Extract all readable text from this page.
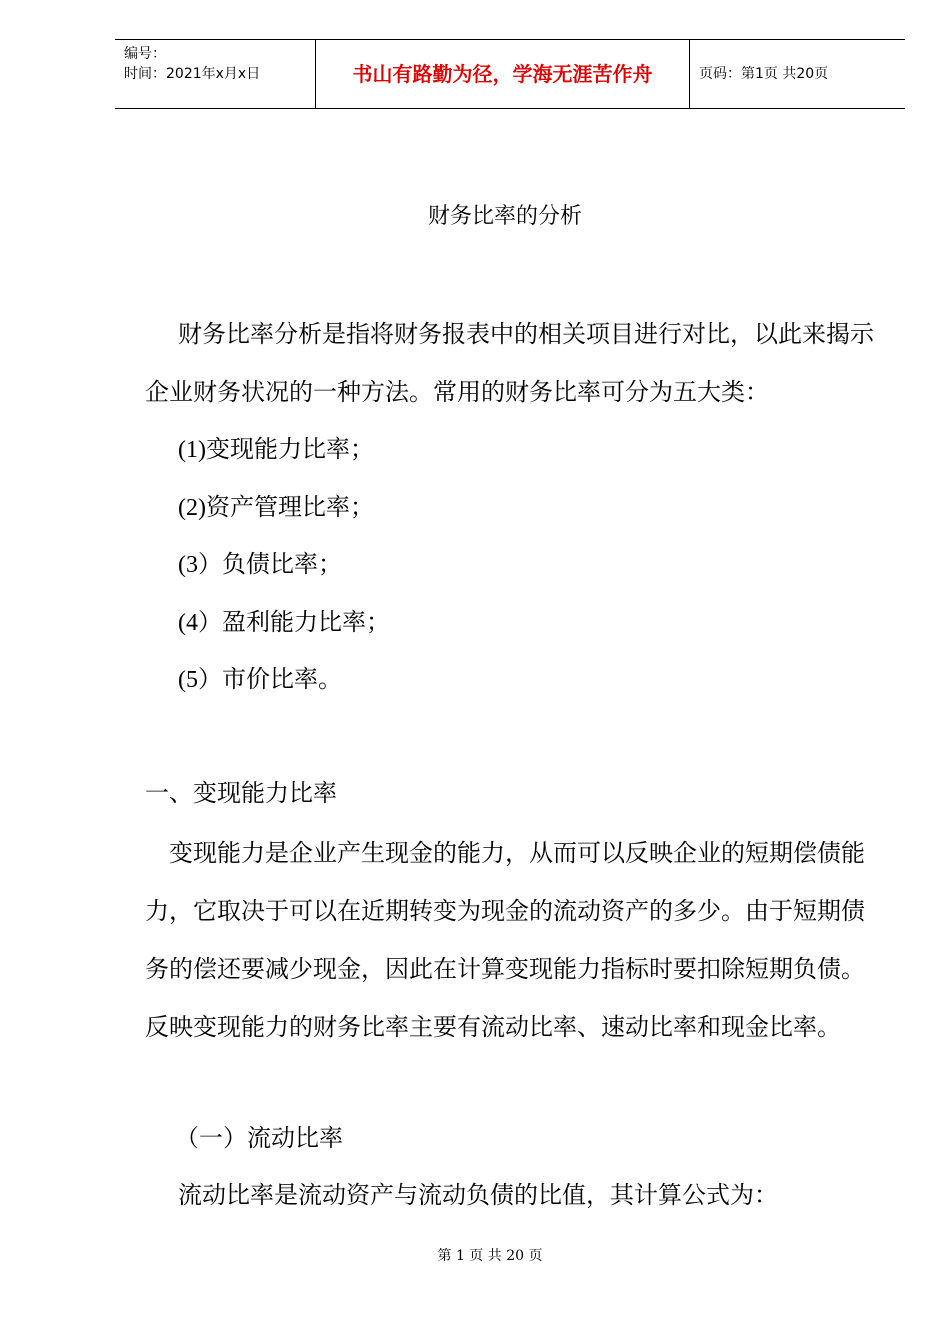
编号：
时间：2021年x月x日	书山有路勤为径，学海无涯苦作舟	页码：第1页 共20页
财务比率的分析
财务比率分析是指将财务报表中的相关项目进行对比，以此来揭示企业财务状况的一种方法。常用的财务比率可分为五大类：
(1)变现能力比率；
(2)资产管理比率；
(3）负债比率；
(4）盈利能力比率；
(5）市价比率。
一、变现能力比率
变现能力是企业产生现金的能力，从而可以反映企业的短期偿债能力，它取决于可以在近期转变为现金的流动资产的多少。由于短期债务的偿还要减少现金，因此在计算变现能力指标时要扣除短期负债。反映变现能力的财务比率主要有流动比率、速动比率和现金比率。
（一）流动比率
流动比率是流动资产与流动负债的比值，其计算公式为：
第 1 页 共 20 页
